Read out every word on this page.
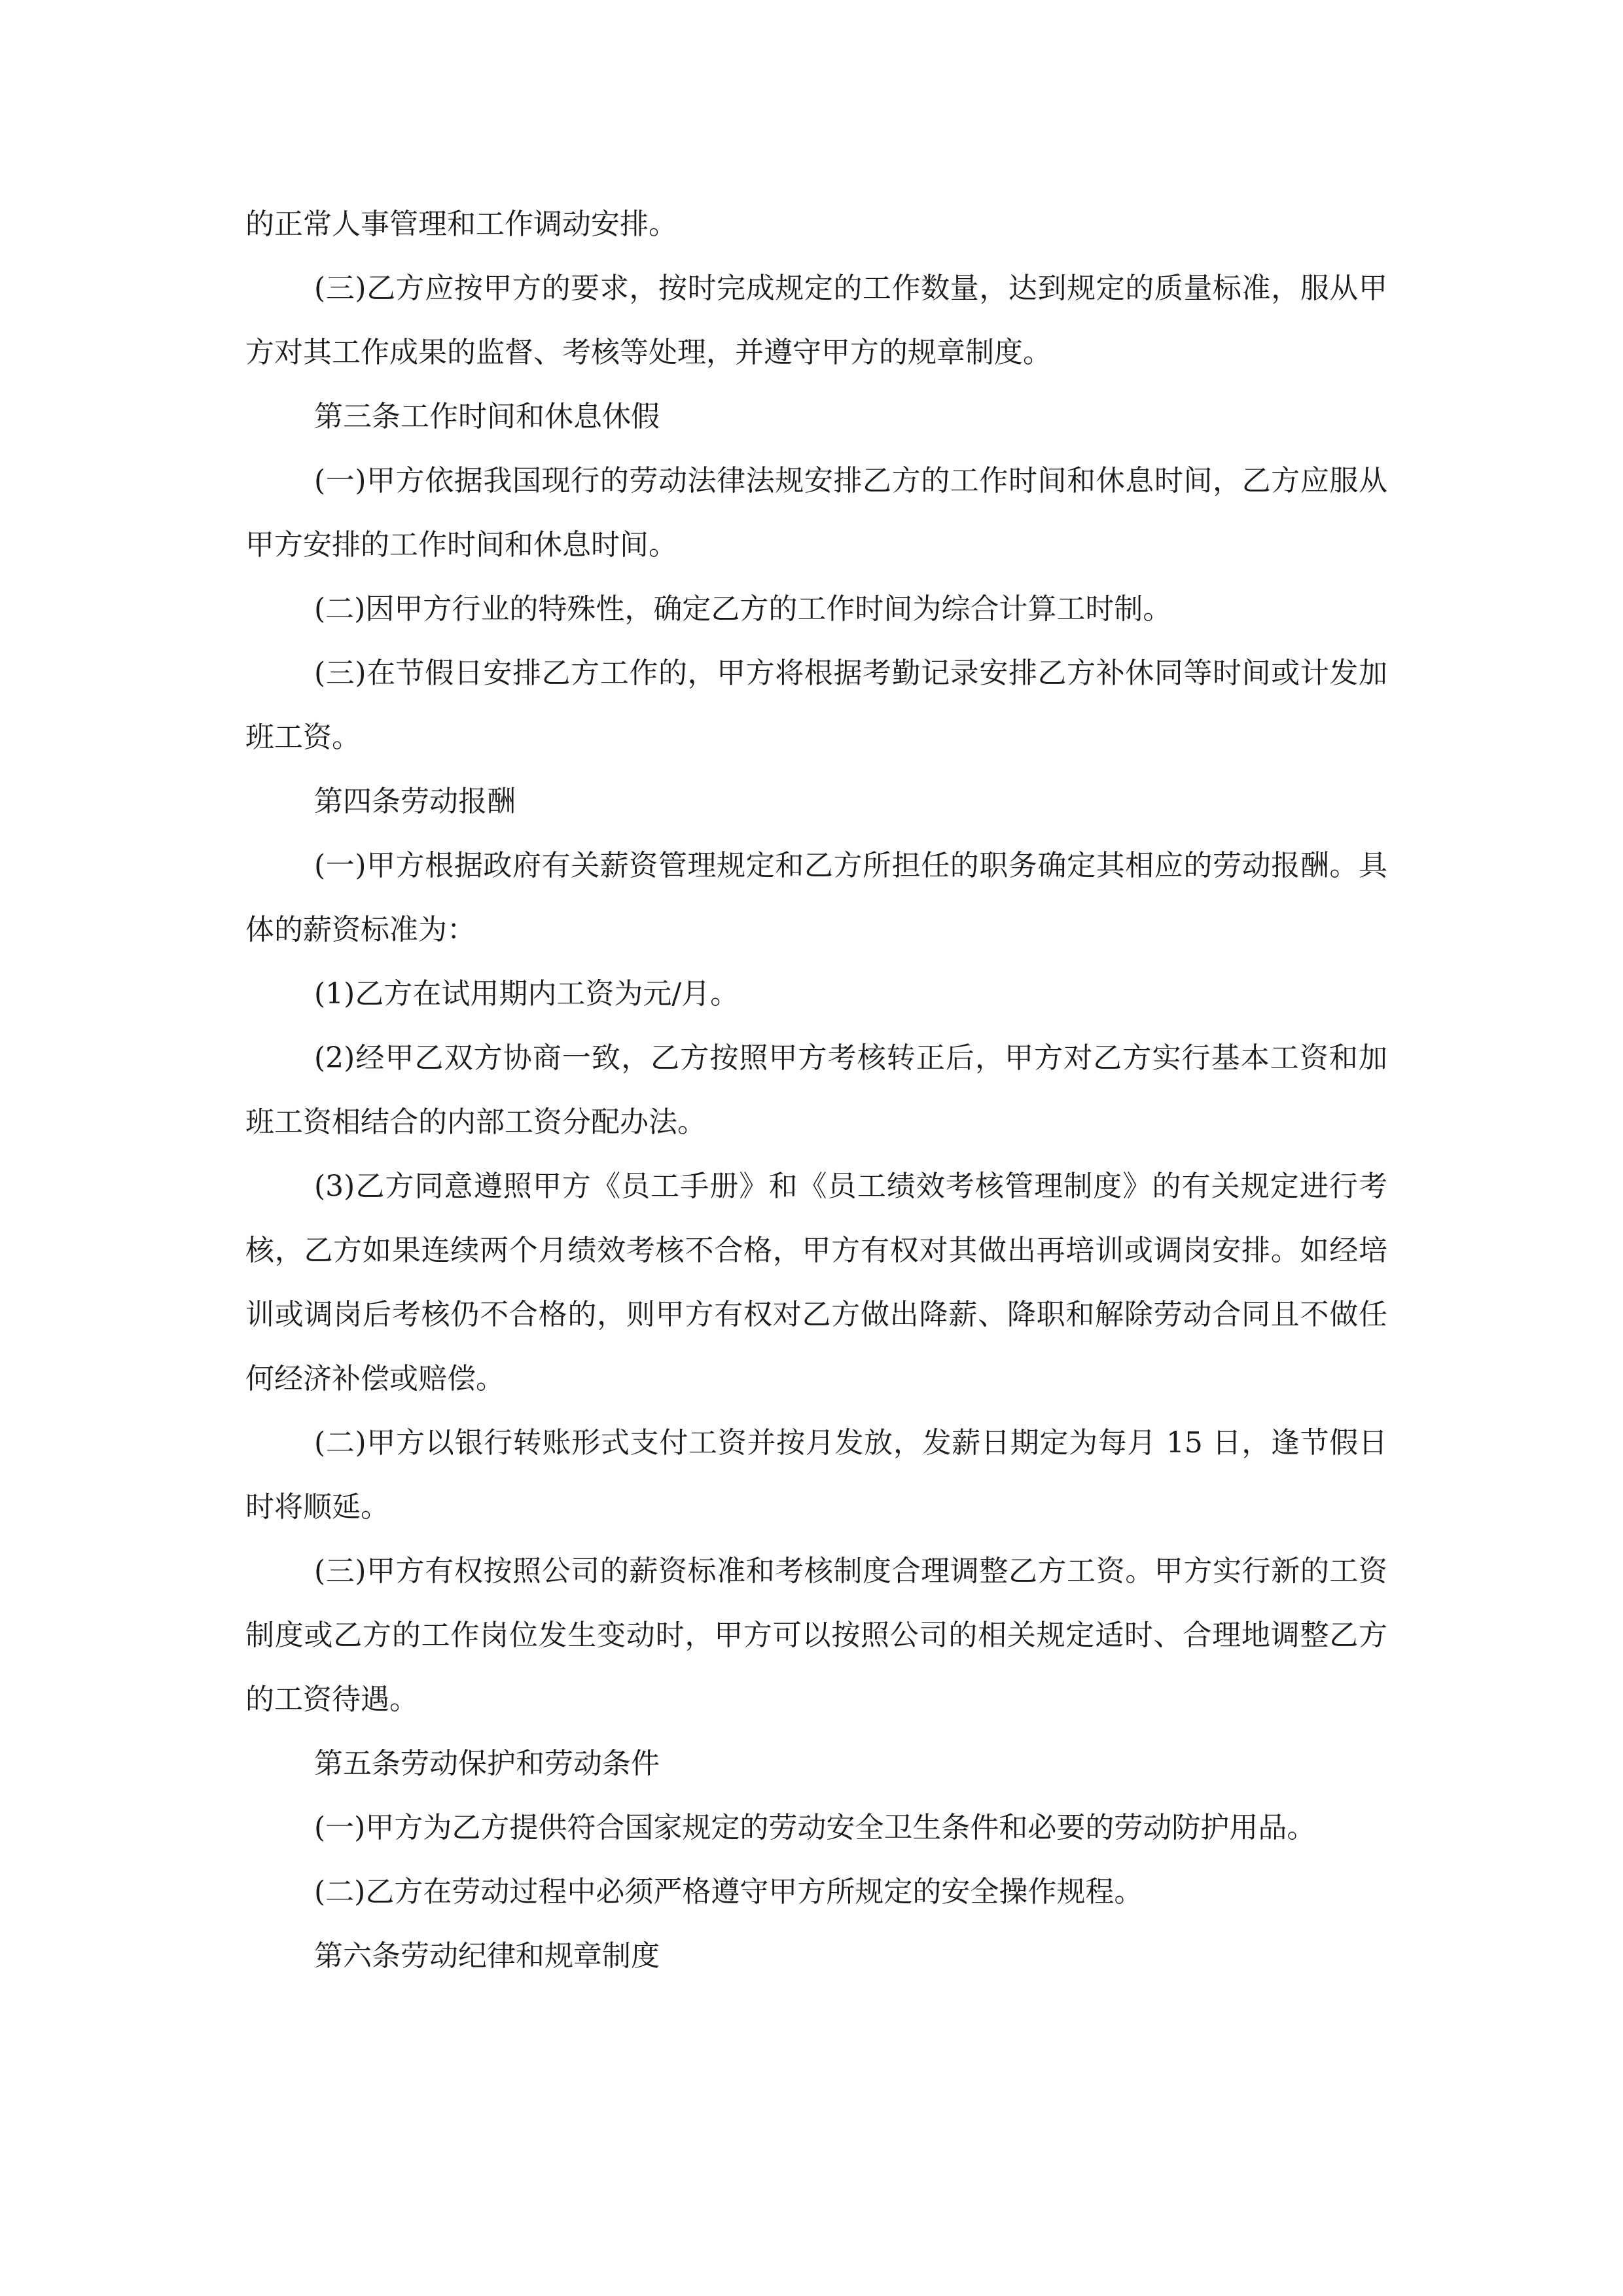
的正常人事管理和工作调动安排。

(三)乙方应按甲方的要求，按时完成规定的工作数量，达到规定的质量标准，服从甲方对其工作成果的监督、考核等处理，并遵守甲方的规章制度。

第三条工作时间和休息休假

(一)甲方依据我国现行的劳动法律法规安排乙方的工作时间和休息时间，乙方应服从甲方安排的工作时间和休息时间。

(二)因甲方行业的特殊性，确定乙方的工作时间为综合计算工时制。

(三)在节假日安排乙方工作的，甲方将根据考勤记录安排乙方补休同等时间或计发加班工资。

第四条劳动报酬

(一)甲方根据政府有关薪资管理规定和乙方所担任的职务确定其相应的劳动报酬。具体的薪资标准为：

(1)乙方在试用期内工资为元/月。

(2)经甲乙双方协商一致，乙方按照甲方考核转正后，甲方对乙方实行基本工资和加班工资相结合的内部工资分配办法。

(3)乙方同意遵照甲方《员工手册》和《员工绩效考核管理制度》的有关规定进行考核，乙方如果连续两个月绩效考核不合格，甲方有权对其做出再培训或调岗安排。如经培训或调岗后考核仍不合格的，则甲方有权对乙方做出降薪、降职和解除劳动合同且不做任何经济补偿或赔偿。

(二)甲方以银行转账形式支付工资并按月发放，发薪日期定为每月 15 日，逢节假日时将顺延。

(三)甲方有权按照公司的薪资标准和考核制度合理调整乙方工资。甲方实行新的工资制度或乙方的工作岗位发生变动时，甲方可以按照公司的相关规定适时、合理地调整乙方的工资待遇。

第五条劳动保护和劳动条件

(一)甲方为乙方提供符合国家规定的劳动安全卫生条件和必要的劳动防护用品。

(二)乙方在劳动过程中必须严格遵守甲方所规定的安全操作规程。

第六条劳动纪律和规章制度
